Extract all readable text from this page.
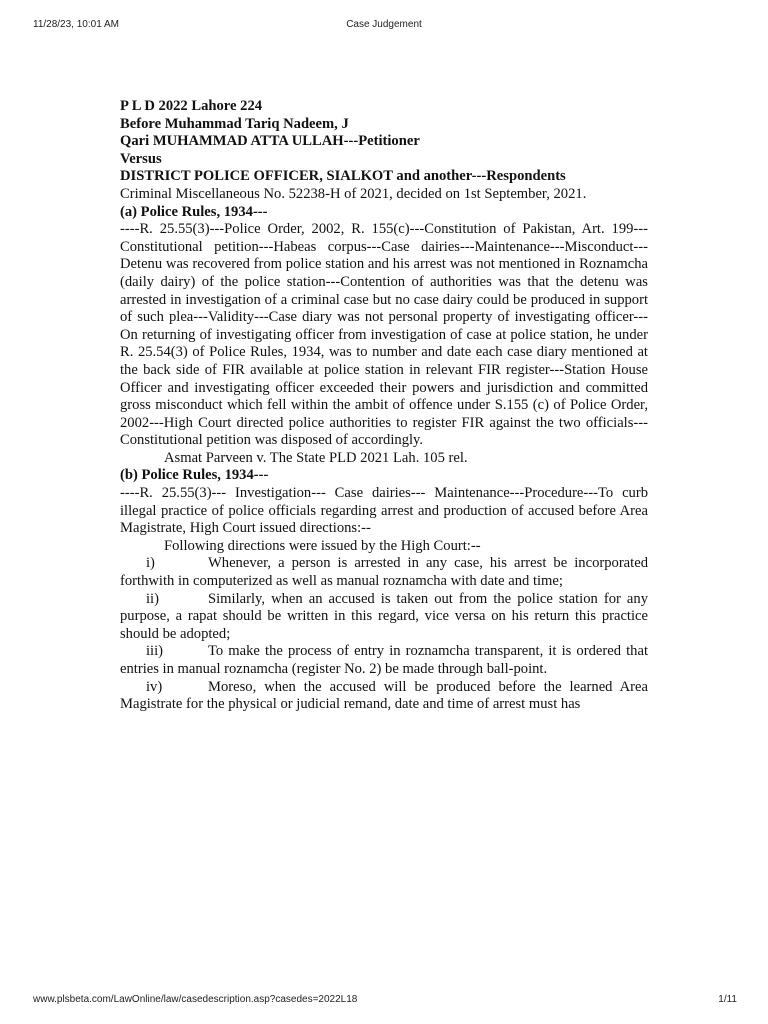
11/28/23, 10:01 AM	Case Judgement

P L D 2022 Lahore 224

Before Muhammad Tariq Nadeem, J

Qari MUHAMMAD ATTA ULLAH---Petitioner

Versus

DISTRICT POLICE OFFICER, SIALKOT and another---Respondents

Criminal Miscellaneous No. 52238-H of 2021, decided on 1st September, 2021.

(a) Police Rules, 1934---

----R. 25.55(3)---Police Order, 2002, R. 155(c)---Constitution of Pakistan, Art. 199---Constitutional petition---Habeas corpus---Case dairies---Maintenance---Misconduct---Detenu was recovered from police station and his arrest was not mentioned in Roznamcha (daily dairy) of the police station---Contention of authorities was that the detenu was arrested in investigation of a criminal case but no case dairy could be produced in support of such plea---Validity---Case diary was not personal property of investigating officer---On returning of investigating officer from investigation of case at police station, he under R. 25.54(3) of Police Rules, 1934, was to number and date each case diary mentioned at the back side of FIR available at police station in relevant FIR register---Station House Officer and investigating officer exceeded their powers and jurisdiction and committed gross misconduct which fell within the ambit of offence under S.155 (c) of Police Order, 2002---High Court directed police authorities to register FIR against the two officials---Constitutional petition was disposed of accordingly.

Asmat Parveen v. The State PLD 2021 Lah. 105 rel.

(b) Police Rules, 1934---

----R. 25.55(3)--- Investigation--- Case dairies--- Maintenance---Procedure---To curb illegal practice of police officials regarding arrest and production of accused before Area Magistrate, High Court issued directions:--

Following directions were issued by the High Court:--

i)	Whenever, a person is arrested in any case, his arrest be incorporated forthwith in computerized as well as manual roznamcha with date and time;

ii)	Similarly, when an accused is taken out from the police station for any purpose, a rapat should be written in this regard, vice versa on his return this practice should be adopted;

iii)	To make the process of entry in roznamcha transparent, it is ordered that entries in manual roznamcha (register No. 2) be made through ball-point.

iv)	Moreso, when the accused will be produced before the learned Area Magistrate for the physical or judicial remand, date and time of arrest must has

www.plsbeta.com/LawOnline/law/casedescription.asp?casedes=2022L18	1/11
